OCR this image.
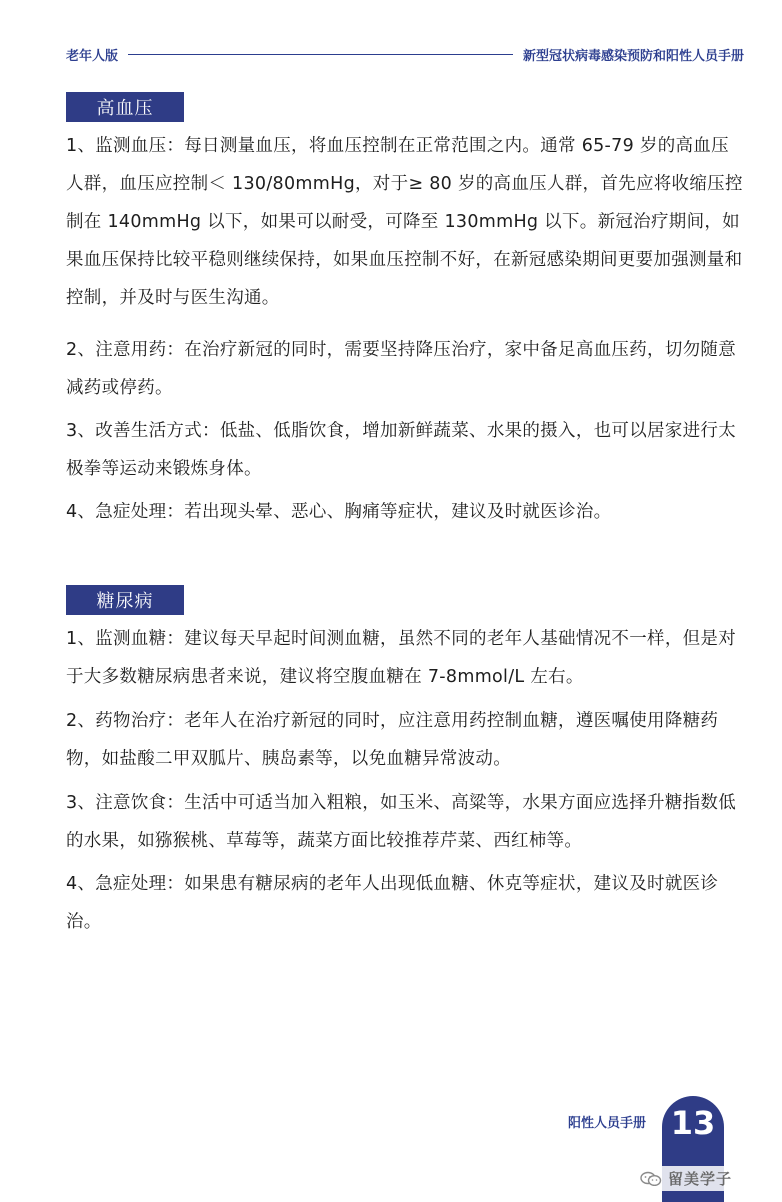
老年人版	新型冠状病毒感染预防和阳性人员手册
高血压

1、监测血压：每日测量血压，将血压控制在正常范围之内。通常 65-79 岁的高血压人群，血压应控制＜ 130/80mmHg，对于≥ 80 岁的高血压人群，首先应将收缩压控制在 140mmHg 以下，如果可以耐受，可降至 130mmHg 以下。新冠治疗期间，如果血压保持比较平稳则继续保持，如果血压控制不好，在新冠感染期间更要加强测量和控制，并及时与医生沟通。

2、注意用药：在治疗新冠的同时，需要坚持降压治疗，家中备足高血压药，切勿随意减药或停药。

3、改善生活方式：低盐、低脂饮食，增加新鲜蔬菜、水果的摄入，也可以居家进行太极拳等运动来锻炼身体。

4、急症处理：若出现头晕、恶心、胸痛等症状，建议及时就医诊治。

糖尿病

1、监测血糖：建议每天早起时间测血糖，虽然不同的老年人基础情况不一样，但是对于大多数糖尿病患者来说，建议将空腹血糖在 7-8mmol/L 左右。

2、药物治疗：老年人在治疗新冠的同时，应注意用药控制血糖，遵医嘱使用降糖药物，如盐酸二甲双胍片、胰岛素等，以免血糖异常波动。

3、注意饮食：生活中可适当加入粗粮，如玉米、高粱等，水果方面应选择升糖指数低的水果，如猕猴桃、草莓等，蔬菜方面比较推荐芹菜、西红柿等。

4、急症处理：如果患有糖尿病的老年人出现低血糖、休克等症状，建议及时就医诊治。

阳性人员手册 13
留美学子
